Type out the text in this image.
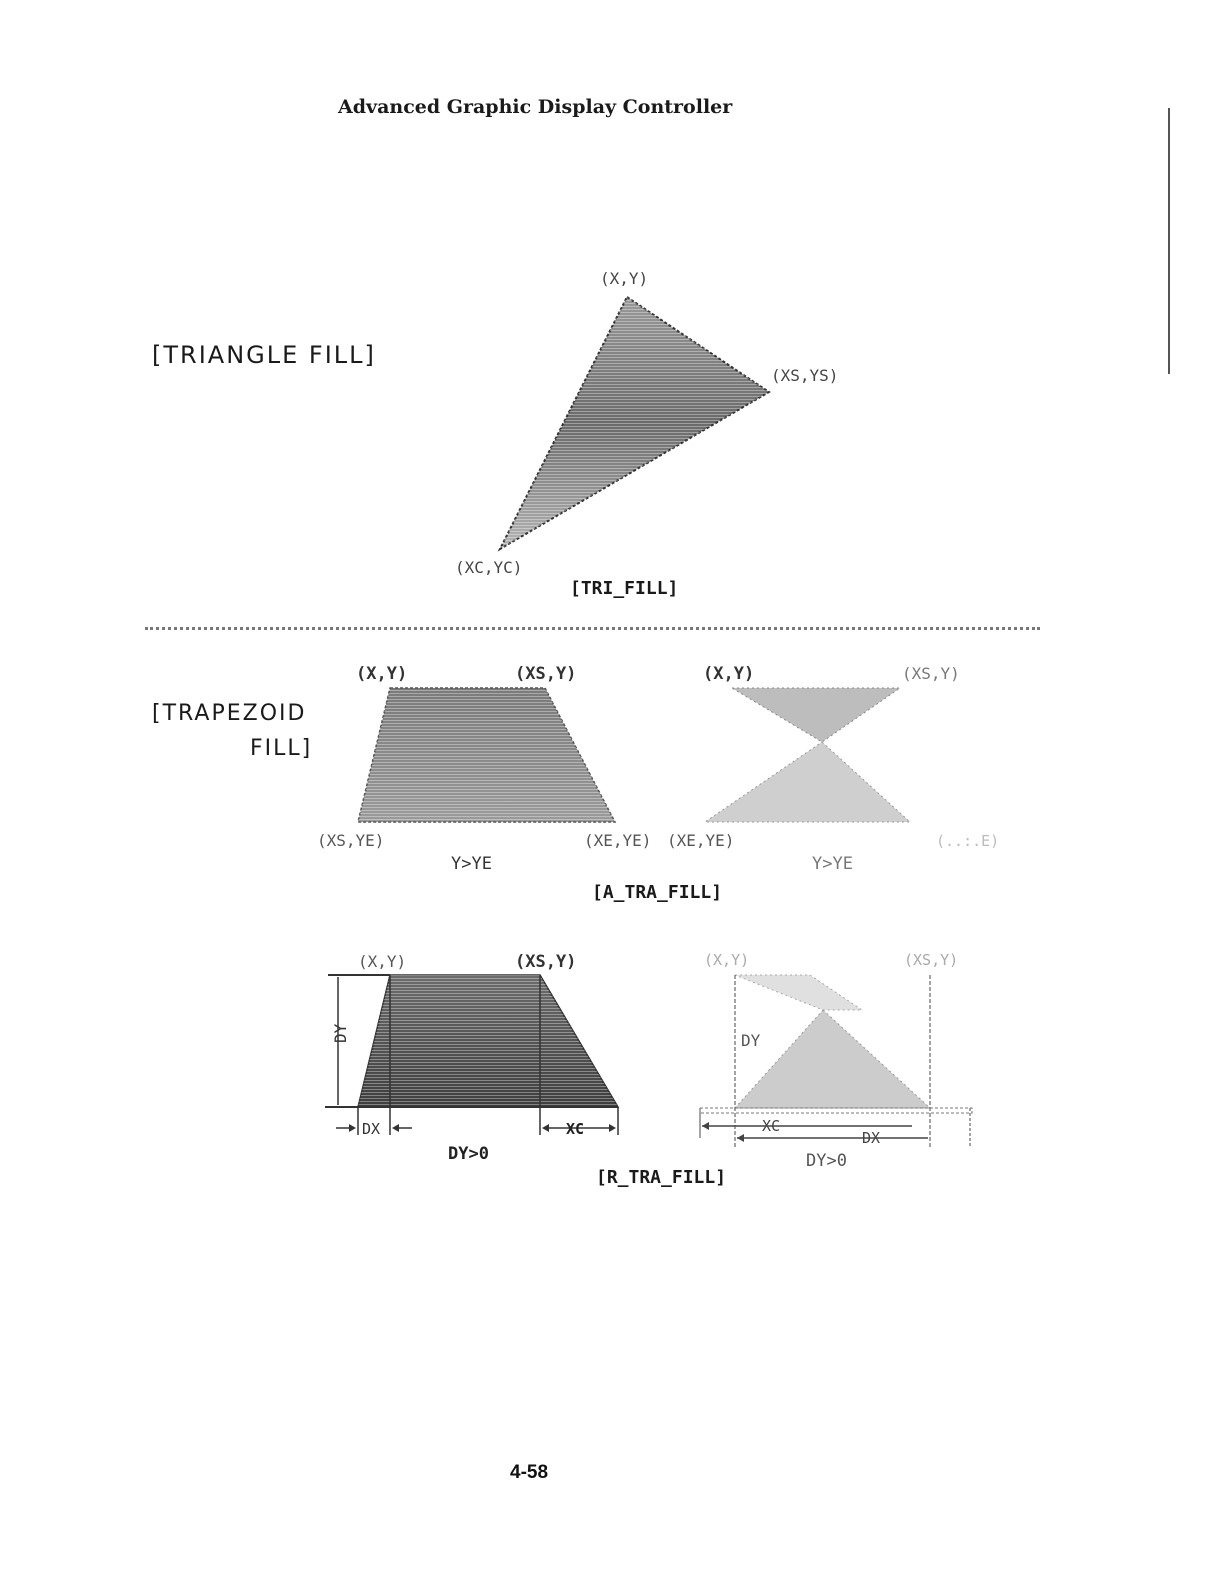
Advanced Graphic Display Controller
[TRIANGLE FILL]
[TRAPEZOID
FILL]
(X,Y)
(XS,YS)
(XC,YC)
[TRI_FILL]
(X,Y)	(XS,Y)
(XS,YE)	(XE,YE)
Y>YE
(X,Y)	(XS,Y)
(XE,YE)	(..:.E)
Y>YE
[A_TRA_FILL]
(X,Y)	(XS,Y)
DY
DX	XC
DY>0
(X,Y)	(XS,Y)
DY
XC
DX
DY>0
[R_TRA_FILL]
4-58
